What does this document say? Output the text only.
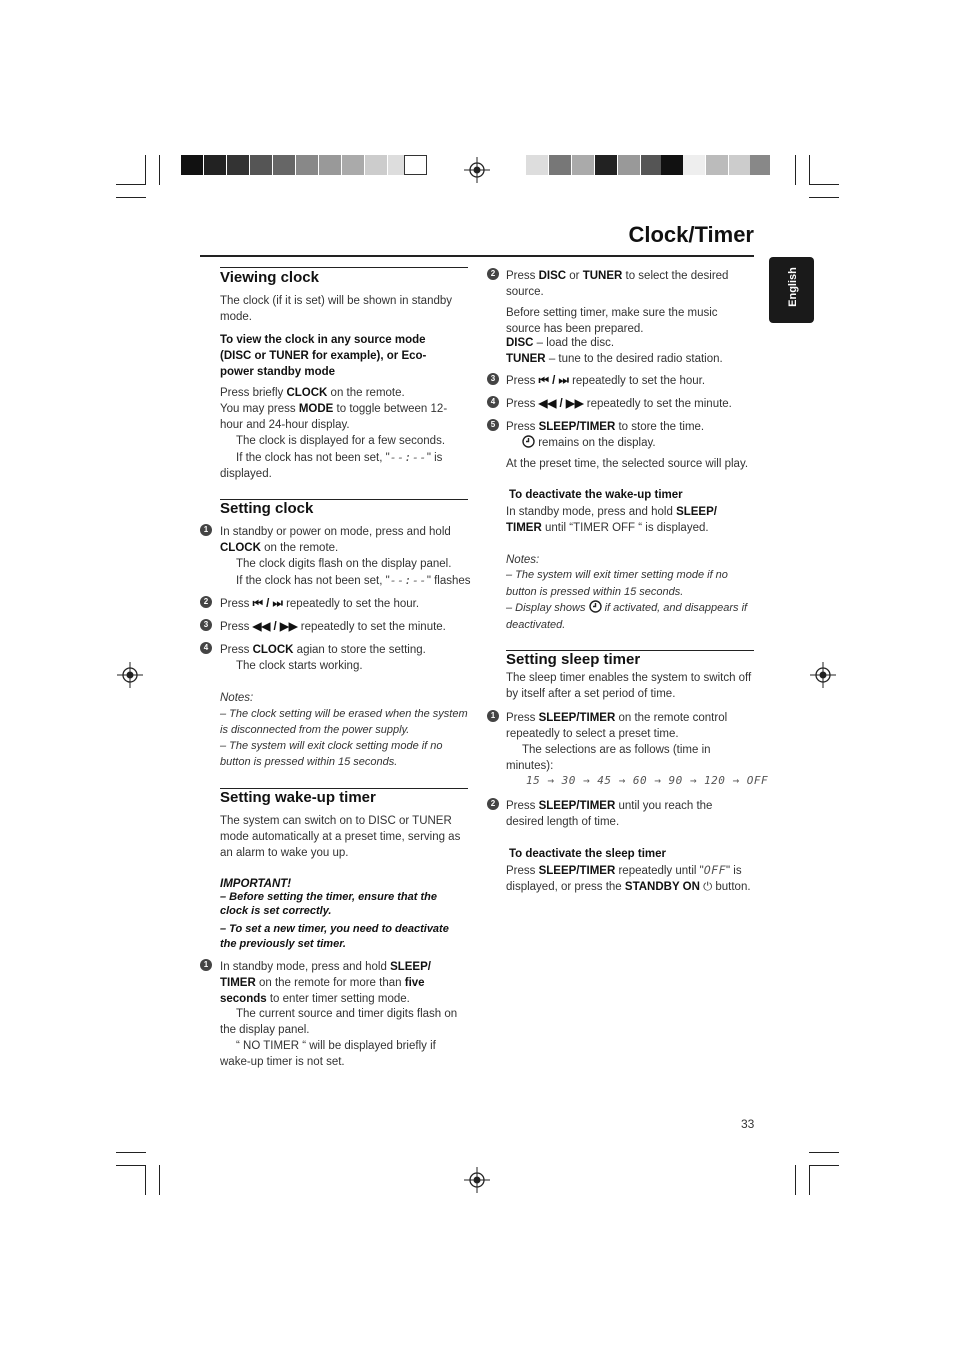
Clock/Timer
English
Viewing clock
The clock (if it is set) will be shown in standby mode.
To view the clock in any source mode (DISC or TUNER for example), or Eco-power standby mode
Press briefly CLOCK on the remote.
You may press MODE to toggle between 12-hour and 24-hour display.
The clock is displayed for a few seconds.
If the clock has not been set, "--:--" is displayed.
Setting clock
1	In standby or power on mode, press and hold CLOCK on the remote.
The clock digits flash on the display panel.
If the clock has not been set, "--:--" flashes
2	Press ⏮ / ⏭ repeatedly to set the hour.
3	Press ◀◀ / ▶▶ repeatedly to set the minute.
4	Press CLOCK agian to store the setting.
The clock starts working.
Notes:
– The clock setting will be erased when the system is disconnected from the power supply.
– The system will exit clock setting mode if no button is pressed within 15 seconds.
Setting wake-up timer
The system can switch on to DISC or TUNER mode automatically at a preset time, serving as an alarm to wake you up.
IMPORTANT!
– Before setting the timer, ensure that the clock is set correctly.
– To set a new timer, you need to deactivate the previously set timer.
1	In standby mode, press and hold SLEEP/ TIMER on the remote for more than five seconds to enter timer setting mode.
The current source and timer digits flash on the display panel.
“ NO TIMER “ will be displayed briefly if wake-up timer is not set.
2 Press DISC or TUNER to select the desired source.
Before setting timer, make sure the music source has been prepared.
DISC – load the disc.
TUNER – tune to the desired radio station.
3 Press ⏮ / ⏭ repeatedly to set the hour.
4 Press ◀◀ / ▶▶ repeatedly to set the minute.
5 Press SLEEP/TIMER to store the time.
remains on the display.
At the preset time, the selected source will play.
To deactivate the wake-up timer
In standby mode, press and hold SLEEP/ TIMER until “TIMER OFF “ is displayed.
Notes:
– The system will exit timer setting mode if no button is pressed within 15 seconds.
– Display shows  if activated, and disappears if deactivated.
Setting sleep timer
The sleep timer enables the system to switch off by itself after a set period of time.
1 Press SLEEP/TIMER on the remote control repeatedly to select a preset time.
The selections are as follows (time in minutes):
15 → 30 → 45 → 60 → 90 → 120 → OFF
2 Press SLEEP/TIMER until you reach the desired length of time.
To deactivate the sleep timer
Press SLEEP/TIMER repeatedly until "OFF" is displayed, or press the STANDBY ON ⏻ button.
33
